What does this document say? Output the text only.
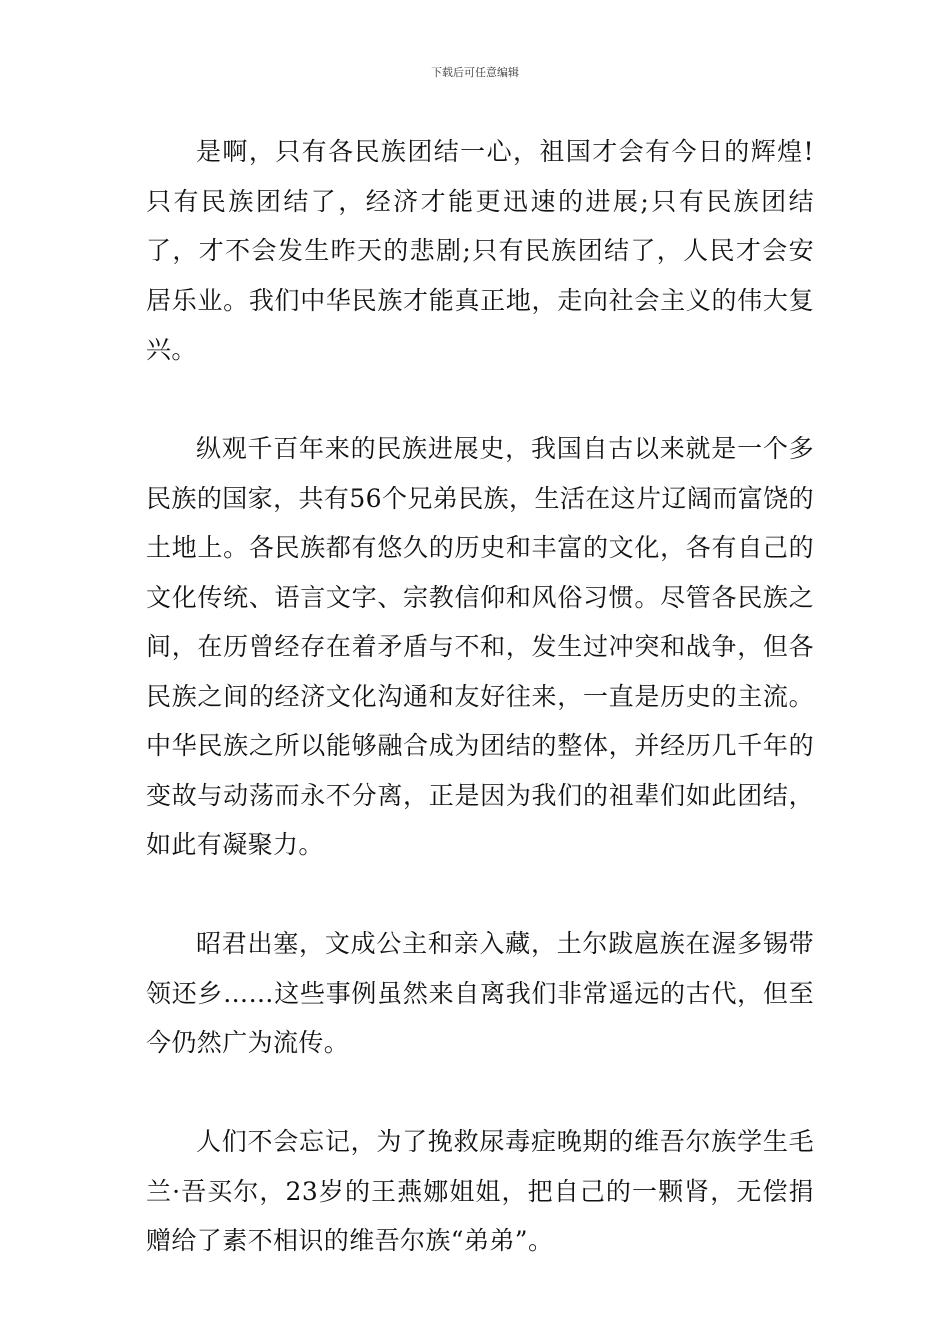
下载后可任意编辑

是啊，只有各民族团结一心，祖国才会有今日的辉煌!只有民族团结了，经济才能更迅速的进展;只有民族团结了，才不会发生昨天的悲剧;只有民族团结了，人民才会安居乐业。我们中华民族才能真正地，走向社会主义的伟大复兴。

纵观千百年来的民族进展史，我国自古以来就是一个多民族的国家，共有56个兄弟民族，生活在这片辽阔而富饶的土地上。各民族都有悠久的历史和丰富的文化，各有自己的文化传统、语言文字、宗教信仰和风俗习惯。尽管各民族之间，在历曾经存在着矛盾与不和，发生过冲突和战争，但各民族之间的经济文化沟通和友好往来，一直是历史的主流。中华民族之所以能够融合成为团结的整体，并经历几千年的变故与动荡而永不分离，正是因为我们的祖辈们如此团结，如此有凝聚力。

昭君出塞，文成公主和亲入藏，土尔跋扈族在渥多锡带领还乡……这些事例虽然来自离我们非常遥远的古代，但至今仍然广为流传。

人们不会忘记，为了挽救尿毒症晚期的维吾尔族学生毛兰·吾买尔，23岁的王燕娜姐姐，把自己的一颗肾，无偿捐赠给了素不相识的维吾尔族“弟弟”。
